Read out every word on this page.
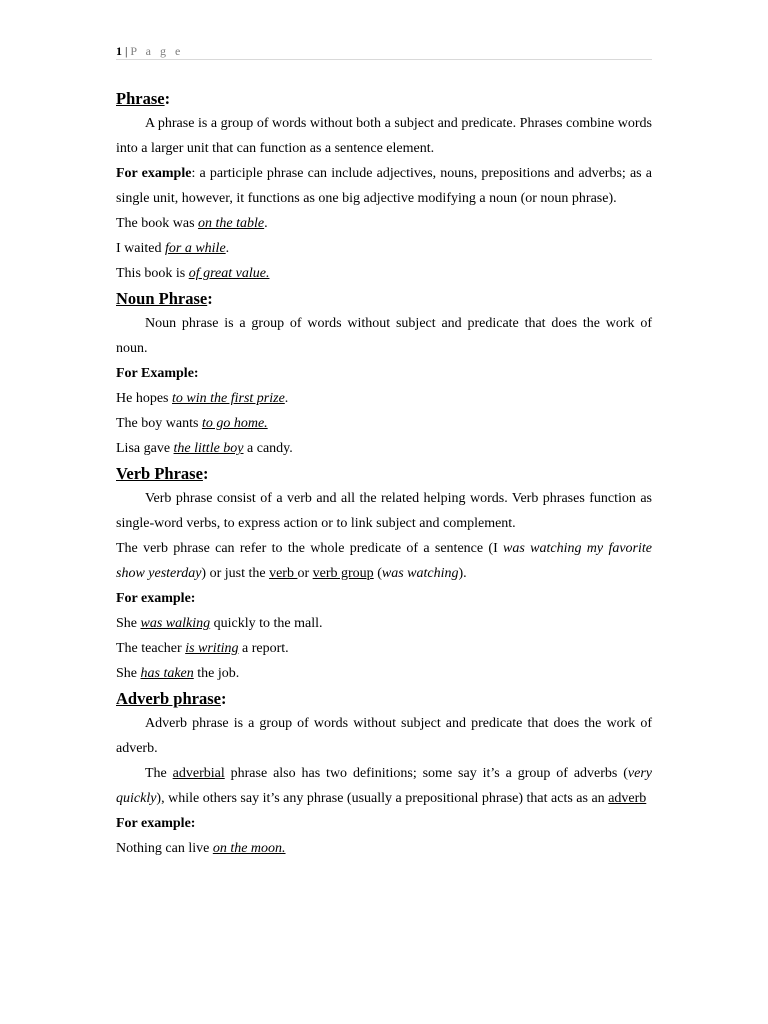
1 | P a g e
Phrase:

A phrase is a group of words without both a subject and predicate. Phrases combine words into a larger unit that can function as a sentence element.

For example: a participle phrase can include adjectives, nouns, prepositions and adverbs; as a single unit, however, it functions as one big adjective modifying a noun (or noun phrase).

The book was on the table.

I waited for a while.

This book is of great value.

Noun Phrase:

Noun phrase is a group of words without subject and predicate that does the work of noun.

For Example:

He hopes to win the first prize.

The boy wants to go home.

Lisa gave the little boy a candy.

Verb Phrase:

Verb phrase consist of a verb and all the related helping words. Verb phrases function as single-word verbs, to express action or to link subject and complement.

The verb phrase can refer to the whole predicate of a sentence (I was watching my favorite show yesterday) or just the verb or verb group (was watching).

For example:

She was walking quickly to the mall.

The teacher is writing a report.

She has taken the job.

Adverb phrase:

Adverb phrase is a group of words without subject and predicate that does the work of adverb.

The adverbial phrase also has two definitions; some say it’s a group of adverbs (very quickly), while others say it’s any phrase (usually a prepositional phrase) that acts as an adverb

For example:

Nothing can live on the moon.
